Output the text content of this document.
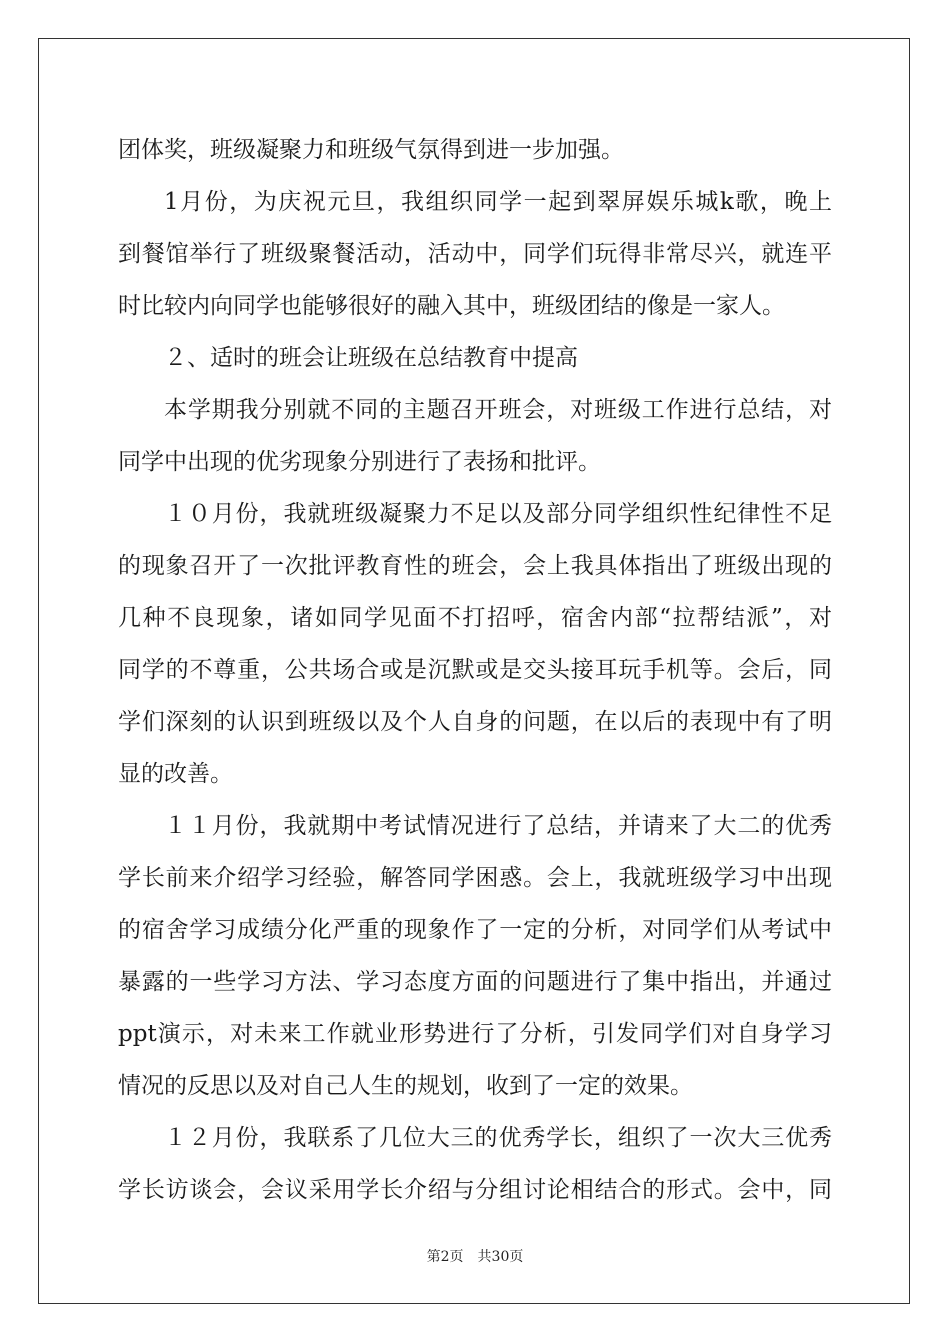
团体奖，班级凝聚力和班级气氛得到进一步加强。
1月份，为庆祝元旦，我组织同学一起到翠屏娱乐城k歌，晚上
到餐馆举行了班级聚餐活动，活动中，同学们玩得非常尽兴，就连平
时比较内向同学也能够很好的融入其中，班级团结的像是一家人。
２、适时的班会让班级在总结教育中提高
本学期我分别就不同的主题召开班会，对班级工作进行总结，对
同学中出现的优劣现象分别进行了表扬和批评。
１０月份，我就班级凝聚力不足以及部分同学组织性纪律性不足
的现象召开了一次批评教育性的班会，会上我具体指出了班级出现的
几种不良现象，诸如同学见面不打招呼，宿舍内部“拉帮结派”，对
同学的不尊重，公共场合或是沉默或是交头接耳玩手机等。会后，同
学们深刻的认识到班级以及个人自身的问题，在以后的表现中有了明
显的改善。
１１月份，我就期中考试情况进行了总结，并请来了大二的优秀
学长前来介绍学习经验，解答同学困惑。会上，我就班级学习中出现
的宿舍学习成绩分化严重的现象作了一定的分析，对同学们从考试中
暴露的一些学习方法、学习态度方面的问题进行了集中指出，并通过
ppt演示，对未来工作就业形势进行了分析，引发同学们对自身学习
情况的反思以及对自己人生的规划，收到了一定的效果。
１２月份，我联系了几位大三的优秀学长，组织了一次大三优秀
学长访谈会，会议采用学长介绍与分组讨论相结合的形式。会中，同
第2页 共30页
